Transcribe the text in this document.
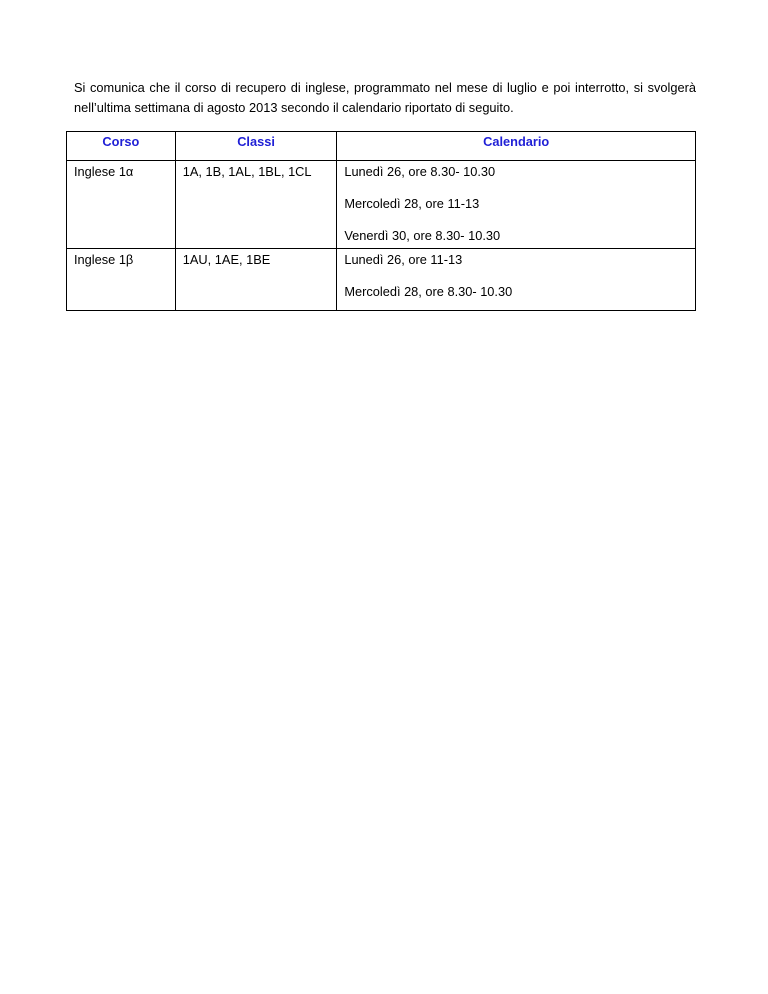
Si comunica che il corso di recupero di inglese, programmato nel mese di luglio e poi interrotto, si svolgerà nell’ultima settimana di agosto 2013 secondo il calendario riportato di seguito.

Corso	Classi	Calendario
Inglese 1α	1A, 1B, 1AL, 1BL, 1CL	Lunedì 26, ore 8.30- 10.30
Mercoledì 28, ore 11-13
Venerdì 30, ore 8.30- 10.30

Inglese 1β	1AU, 1AE, 1BE	Lunedì 26, ore 11-13
Mercoledì 28, ore 8.30- 10.30
